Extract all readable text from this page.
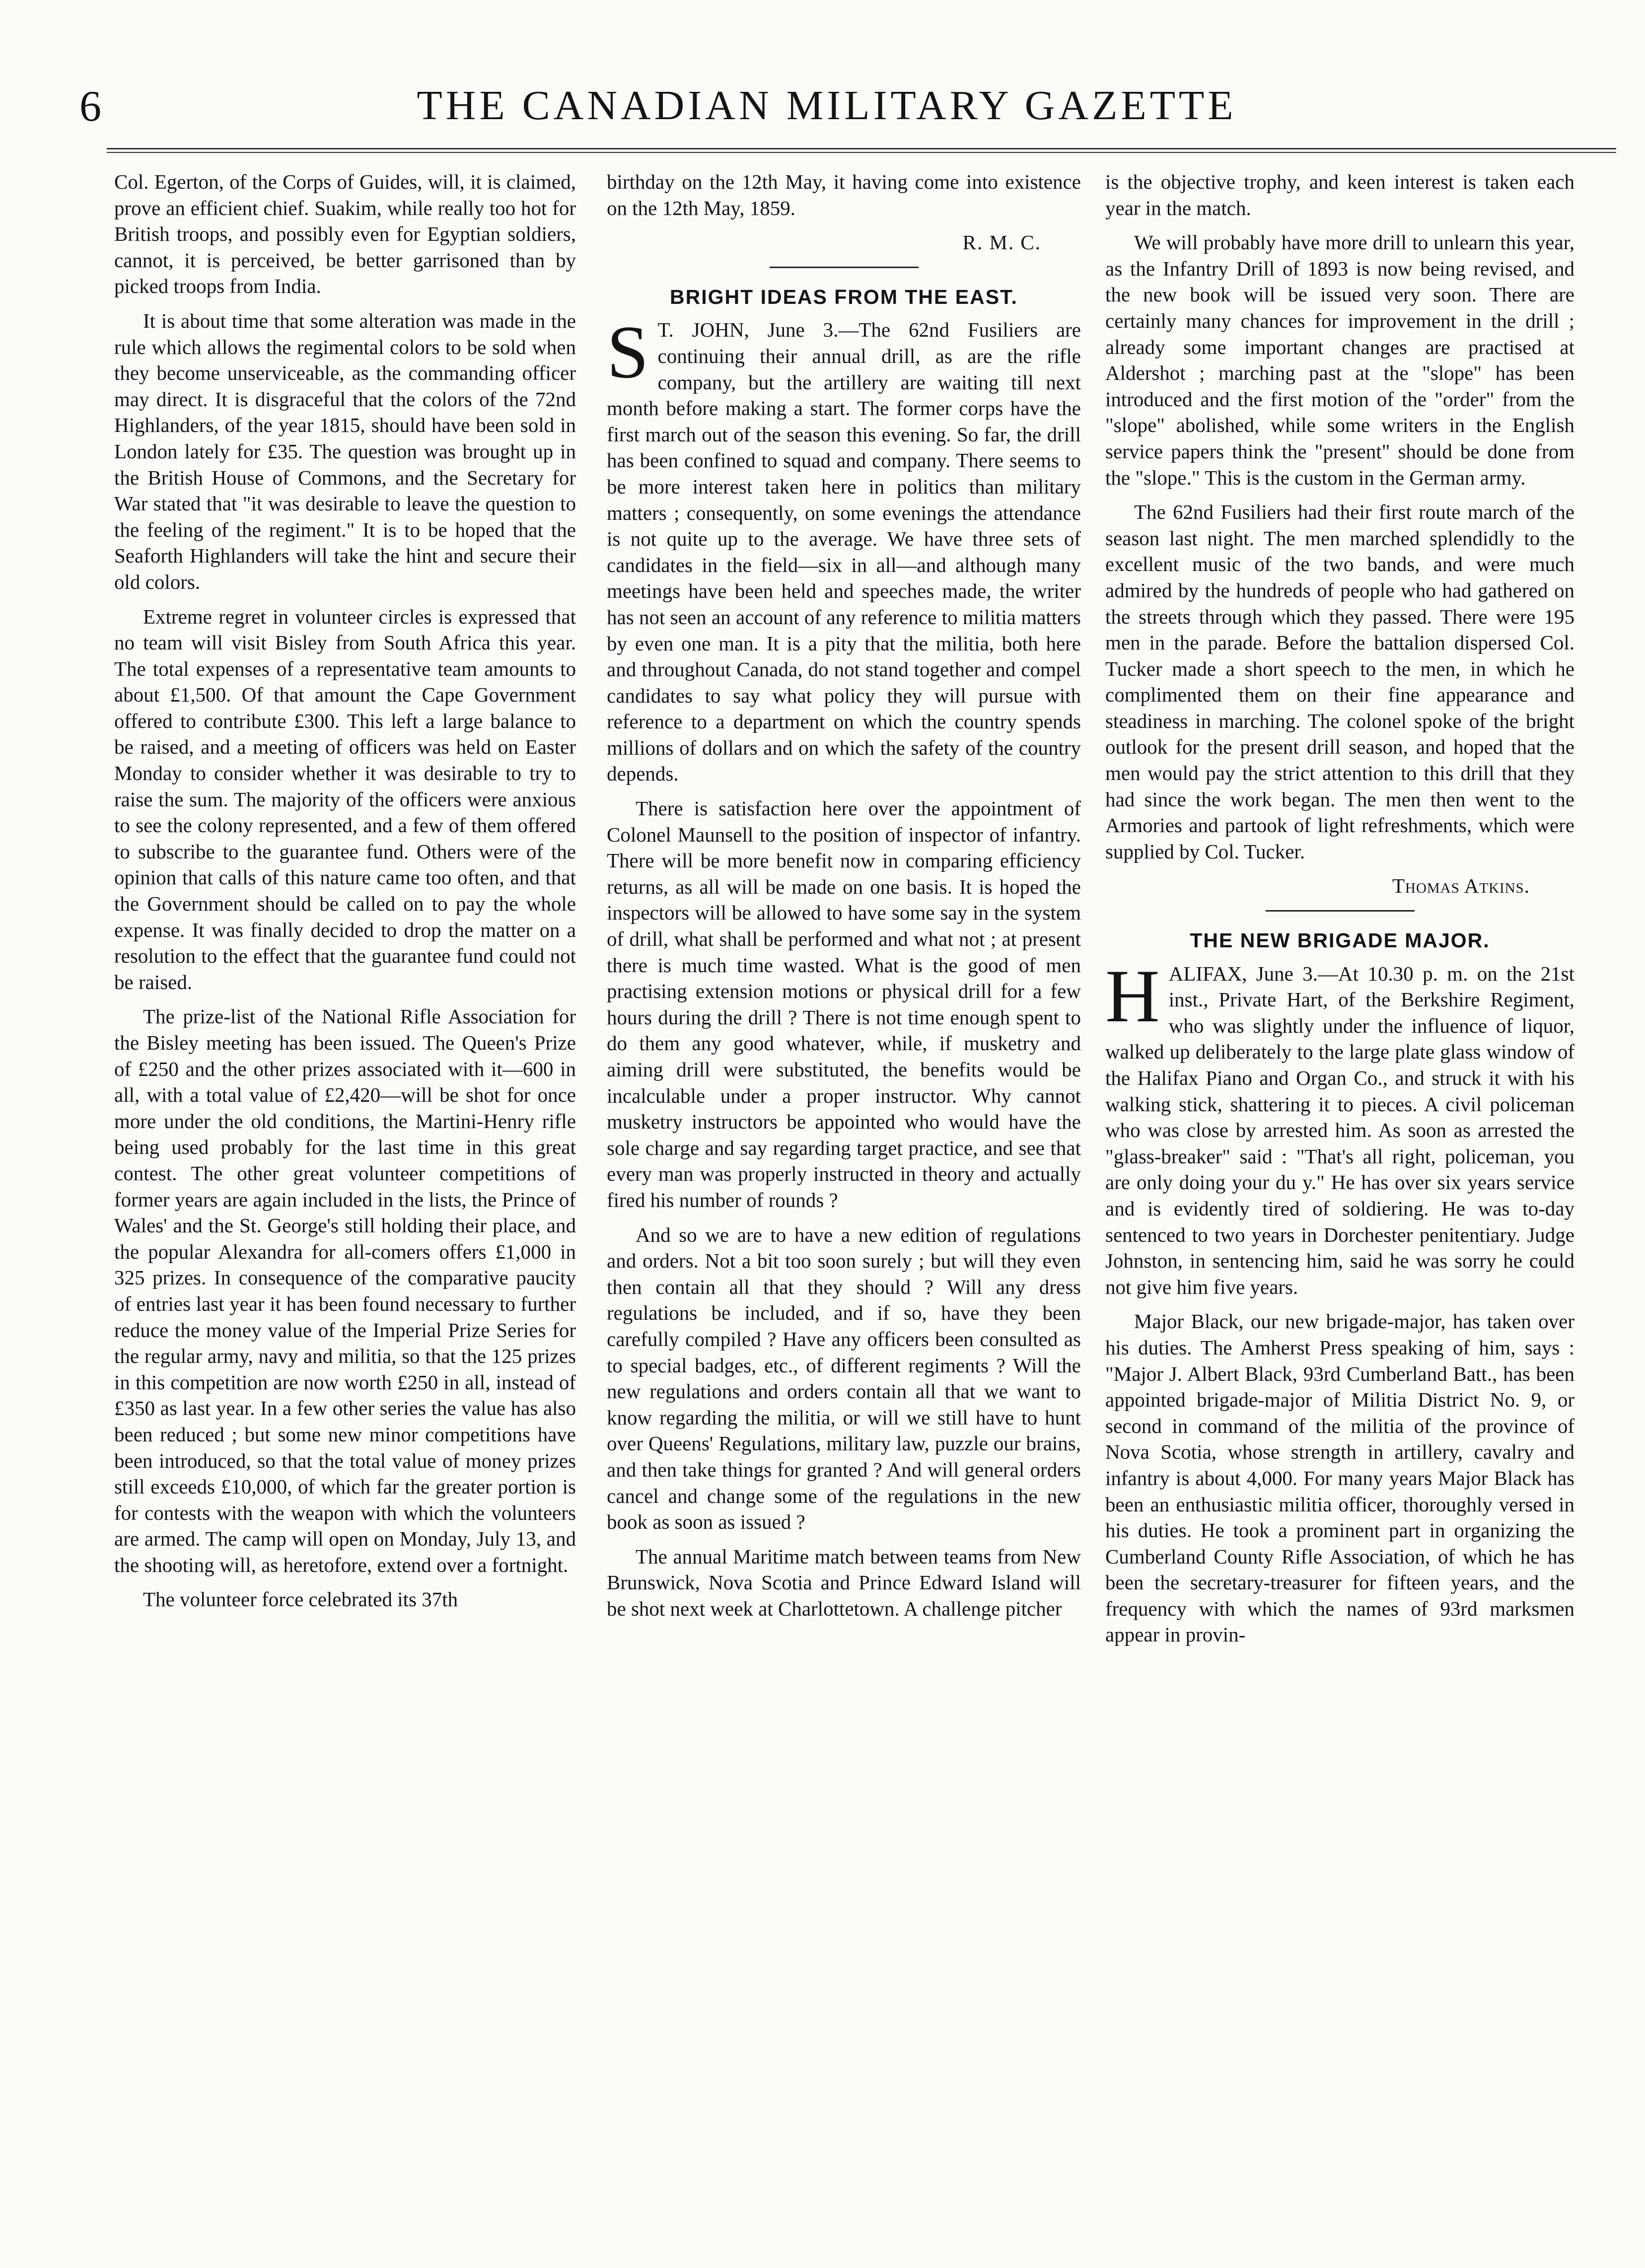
6	THE CANADIAN MILITARY GAZETTE

Col. Egerton, of the Corps of Guides, will, it is claimed, prove an efficient chief. Suakim, while really too hot for British troops, and possibly even for Egyptian soldiers, cannot, it is perceived, be better garrisoned than by picked troops from India.

It is about time that some alteration was made in the rule which allows the regimental colors to be sold when they become unserviceable, as the commanding officer may direct. It is disgraceful that the colors of the 72nd Highlanders, of the year 1815, should have been sold in London lately for £35. The question was brought up in the British House of Commons, and the Secretary for War stated that "it was desirable to leave the question to the feeling of the regiment." It is to be hoped that the Seaforth Highlanders will take the hint and secure their old colors.

Extreme regret in volunteer circles is expressed that no team will visit Bisley from South Africa this year. The total expenses of a representative team amounts to about £1,500. Of that amount the Cape Government offered to contribute £300. This left a large balance to be raised, and a meeting of officers was held on Easter Monday to consider whether it was desirable to try to raise the sum. The majority of the officers were anxious to see the colony represented, and a few of them offered to subscribe to the guarantee fund. Others were of the opinion that calls of this nature came too often, and that the Government should be called on to pay the whole expense. It was finally decided to drop the matter on a resolution to the effect that the guarantee fund could not be raised.

The prize-list of the National Rifle Association for the Bisley meeting has been issued. The Queen's Prize of £250 and the other prizes associated with it—600 in all, with a total value of £2,420—will be shot for once more under the old conditions, the Martini-Henry rifle being used probably for the last time in this great contest. The other great volunteer competitions of former years are again included in the lists, the Prince of Wales' and the St. George's still holding their place, and the popular Alexandra for all-comers offers £1,000 in 325 prizes. In consequence of the comparative paucity of entries last year it has been found necessary to further reduce the money value of the Imperial Prize Series for the regular army, navy and militia, so that the 125 prizes in this competition are now worth £250 in all, instead of £350 as last year. In a few other series the value has also been reduced ; but some new minor competitions have been introduced, so that the total value of money prizes still exceeds £10,000, of which far the greater portion is for contests with the weapon with which the volunteers are armed. The camp will open on Monday, July 13, and the shooting will, as heretofore, extend over a fortnight.

The volunteer force celebrated its 37th

birthday on the 12th May, it having come into existence on the 12th May, 1859.

R. M. C.
BRIGHT IDEAS FROM THE EAST.

S T. JOHN, June 3.—The 62nd Fusiliers are continuing their annual drill, as are the rifle company, but the artillery are waiting till next month before making a start. The former corps have the first march out of the season this evening. So far, the drill has been confined to squad and company. There seems to be more interest taken here in politics than military matters ; consequently, on some evenings the attendance is not quite up to the average. We have three sets of candidates in the field—six in all—and although many meetings have been held and speeches made, the writer has not seen an account of any reference to militia matters by even one man. It is a pity that the militia, both here and throughout Canada, do not stand together and compel candidates to say what policy they will pursue with reference to a department on which the country spends millions of dollars and on which the safety of the country depends.

There is satisfaction here over the appointment of Colonel Maunsell to the position of inspector of infantry. There will be more benefit now in comparing efficiency returns, as all will be made on one basis. It is hoped the inspectors will be allowed to have some say in the system of drill, what shall be performed and what not ; at present there is much time wasted. What is the good of men practising extension motions or physical drill for a few hours during the drill ? There is not time enough spent to do them any good whatever, while, if musketry and aiming drill were substituted, the benefits would be incalculable under a proper instructor. Why cannot musketry instructors be appointed who would have the sole charge and say regarding target practice, and see that every man was properly instructed in theory and actually fired his number of rounds ?

And so we are to have a new edition of regulations and orders. Not a bit too soon surely ; but will they even then contain all that they should ? Will any dress regulations be included, and if so, have they been carefully compiled ? Have any officers been consulted as to special badges, etc., of different regiments ? Will the new regulations and orders contain all that we want to know regarding the militia, or will we still have to hunt over Queens' Regulations, military law, puzzle our brains, and then take things for granted ? And will general orders cancel and change some of the regulations in the new book as soon as issued ?

The annual Maritime match between teams from New Brunswick, Nova Scotia and Prince Edward Island will be shot next week at Charlottetown. A challenge pitcher

is the objective trophy, and keen interest is taken each year in the match.

We will probably have more drill to unlearn this year, as the Infantry Drill of 1893 is now being revised, and the new book will be issued very soon. There are certainly many chances for improvement in the drill ; already some important changes are practised at Aldershot ; marching past at the "slope" has been introduced and the first motion of the "order" from the "slope" abolished, while some writers in the English service papers think the "present" should be done from the "slope." This is the custom in the German army.

The 62nd Fusiliers had their first route march of the season last night. The men marched splendidly to the excellent music of the two bands, and were much admired by the hundreds of people who had gathered on the streets through which they passed. There were 195 men in the parade. Before the battalion dispersed Col. Tucker made a short speech to the men, in which he complimented them on their fine appearance and steadiness in marching. The colonel spoke of the bright outlook for the present drill season, and hoped that the men would pay the strict attention to this drill that they had since the work began. The men then went to the Armories and partook of light refreshments, which were supplied by Col. Tucker.

Thomas Atkins.
THE NEW BRIGADE MAJOR.

HALIFAX, June 3.—At 10.30 p. m. on the 21st inst., Private Hart, of the Berkshire Regiment, who was slightly under the influence of liquor, walked up deliberately to the large plate glass window of the Halifax Piano and Organ Co., and struck it with his walking stick, shattering it to pieces. A civil policeman who was close by arrested him. As soon as arrested the "glass-breaker" said : "That's all right, policeman, you are only doing your du y." He has over six years service and is evidently tired of soldiering. He was to-day sentenced to two years in Dorchester penitentiary. Judge Johnston, in sentencing him, said he was sorry he could not give him five years.

Major Black, our new brigade-major, has taken over his duties. The Amherst Press speaking of him, says : "Major J. Albert Black, 93rd Cumberland Batt., has been appointed brigade-major of Militia District No. 9, or second in command of the militia of the province of Nova Scotia, whose strength in artillery, cavalry and infantry is about 4,000. For many years Major Black has been an enthusiastic militia officer, thoroughly versed in his duties. He took a prominent part in organizing the Cumberland County Rifle Association, of which he has been the secretary-treasurer for fifteen years, and the frequency with which the names of 93rd marksmen appear in provin-
